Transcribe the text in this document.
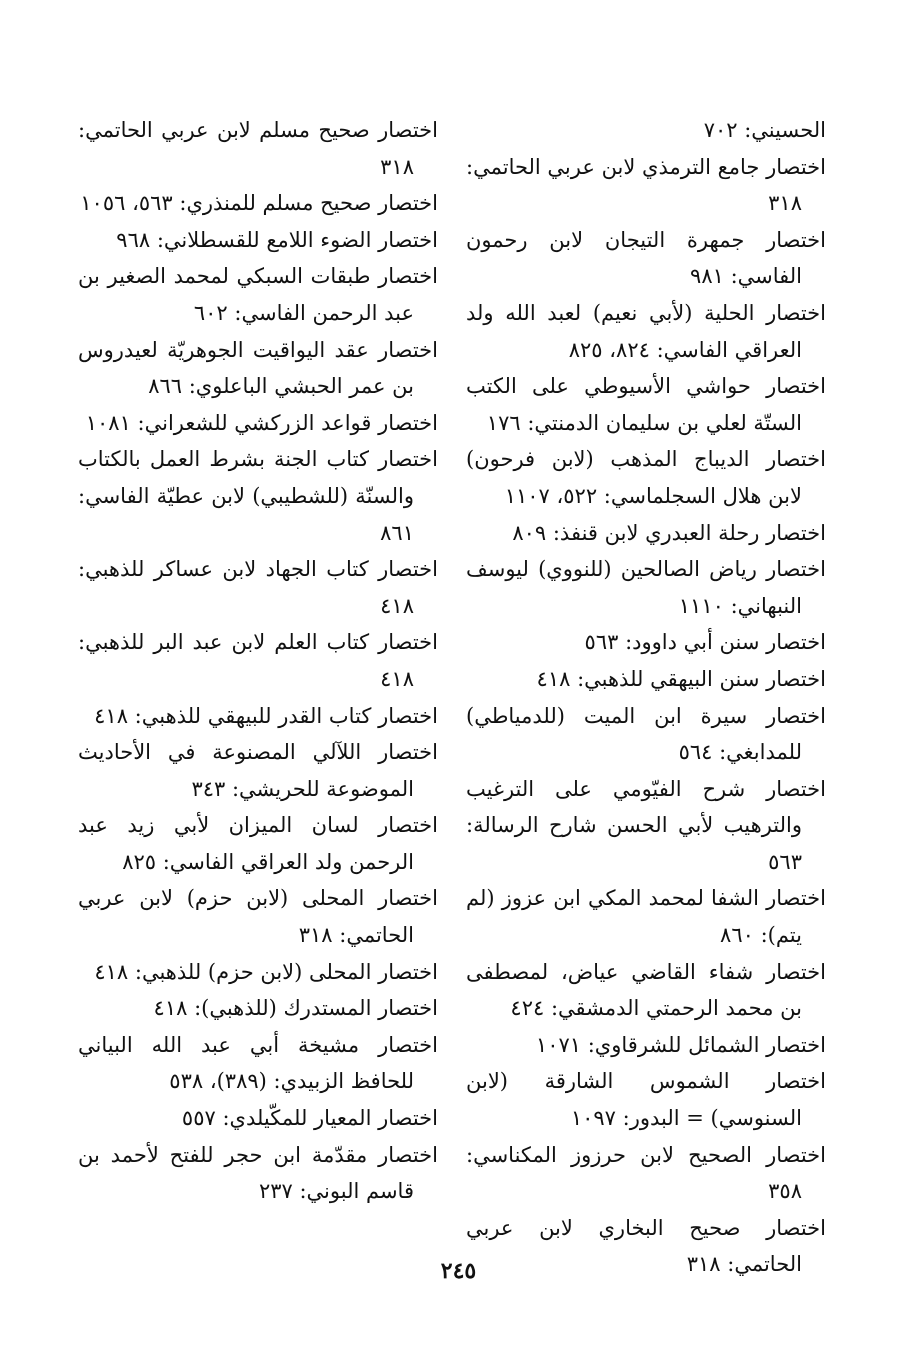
الحسيني: ٧٠٢

اختصار جامع الترمذي لابن عربي الحاتمي: ٣١٨

اختصار جمهرة التيجان لابن رحمون الفاسي: ٩٨١

اختصار الحلية (لأبي نعيم) لعبد الله ولد العراقي الفاسي: ٨٢٤، ٨٢٥

اختصار حواشي الأسيوطي على الكتب الستّة لعلي بن سليمان الدمنتي: ١٧٦

اختصار الديباج المذهب (لابن فرحون) لابن هلال السجلماسي: ٥٢٢، ١١٠٧

اختصار رحلة العبدري لابن قنفذ: ٨٠٩

اختصار رياض الصالحين (للنووي) ليوسف النبهاني: ١١١٠

اختصار سنن أبي داوود: ٥٦٣

اختصار سنن البيهقي للذهبي: ٤١٨

اختصار سيرة ابن الميت (للدمياطي) للمدابغي: ٥٦٤

اختصار شرح الفيّومي على الترغيب والترهيب لأبي الحسن شارح الرسالة: ٥٦٣

اختصار الشفا لمحمد المكي ابن عزوز (لم يتم): ٨٦٠

اختصار شفاء القاضي عياض، لمصطفى بن محمد الرحمتي الدمشقي: ٤٢٤

اختصار الشمائل للشرقاوي: ١٠٧١

اختصار الشموس الشارقة (لابن السنوسي) = البدور: ١٠٩٧

اختصار الصحيح لابن حرزوز المكناسي: ٣٥٨

اختصار صحيح البخاري لابن عربي الحاتمي: ٣١٨

اختصار صحيح مسلم لابن عربي الحاتمي: ٣١٨

اختصار صحيح مسلم للمنذري: ٥٦٣، ١٠٥٦

اختصار الضوء اللامع للقسطلاني: ٩٦٨

اختصار طبقات السبكي لمحمد الصغير بن عبد الرحمن الفاسي: ٦٠٢

اختصار عقد اليواقيت الجوهريّة لعيدروس بن عمر الحبشي الباعلوي: ٨٦٦

اختصار قواعد الزركشي للشعراني: ١٠٨١

اختصار كتاب الجنة بشرط العمل بالكتاب والسنّة (للشطيبي) لابن عطيّة الفاسي: ٨٦١

اختصار كتاب الجهاد لابن عساكر للذهبي: ٤١٨

اختصار كتاب العلم لابن عبد البر للذهبي: ٤١٨

اختصار كتاب القدر للبيهقي للذهبي: ٤١٨

اختصار اللآلي المصنوعة في الأحاديث الموضوعة للحريشي: ٣٤٣

اختصار لسان الميزان لأبي زيد عبد الرحمن ولد العراقي الفاسي: ٨٢٥

اختصار المحلى (لابن حزم) لابن عربي الحاتمي: ٣١٨

اختصار المحلى (لابن حزم) للذهبي: ٤١٨

اختصار المستدرك (للذهبي): ٤١٨

اختصار مشيخة أبي عبد الله البياني للحافظ الزبيدي: (٣٨٩)، ٥٣٨

اختصار المعيار للمكّيلدي: ٥٥٧

اختصار مقدّمة ابن حجر للفتح لأحمد بن قاسم البوني: ٢٣٧

٢٤٥
